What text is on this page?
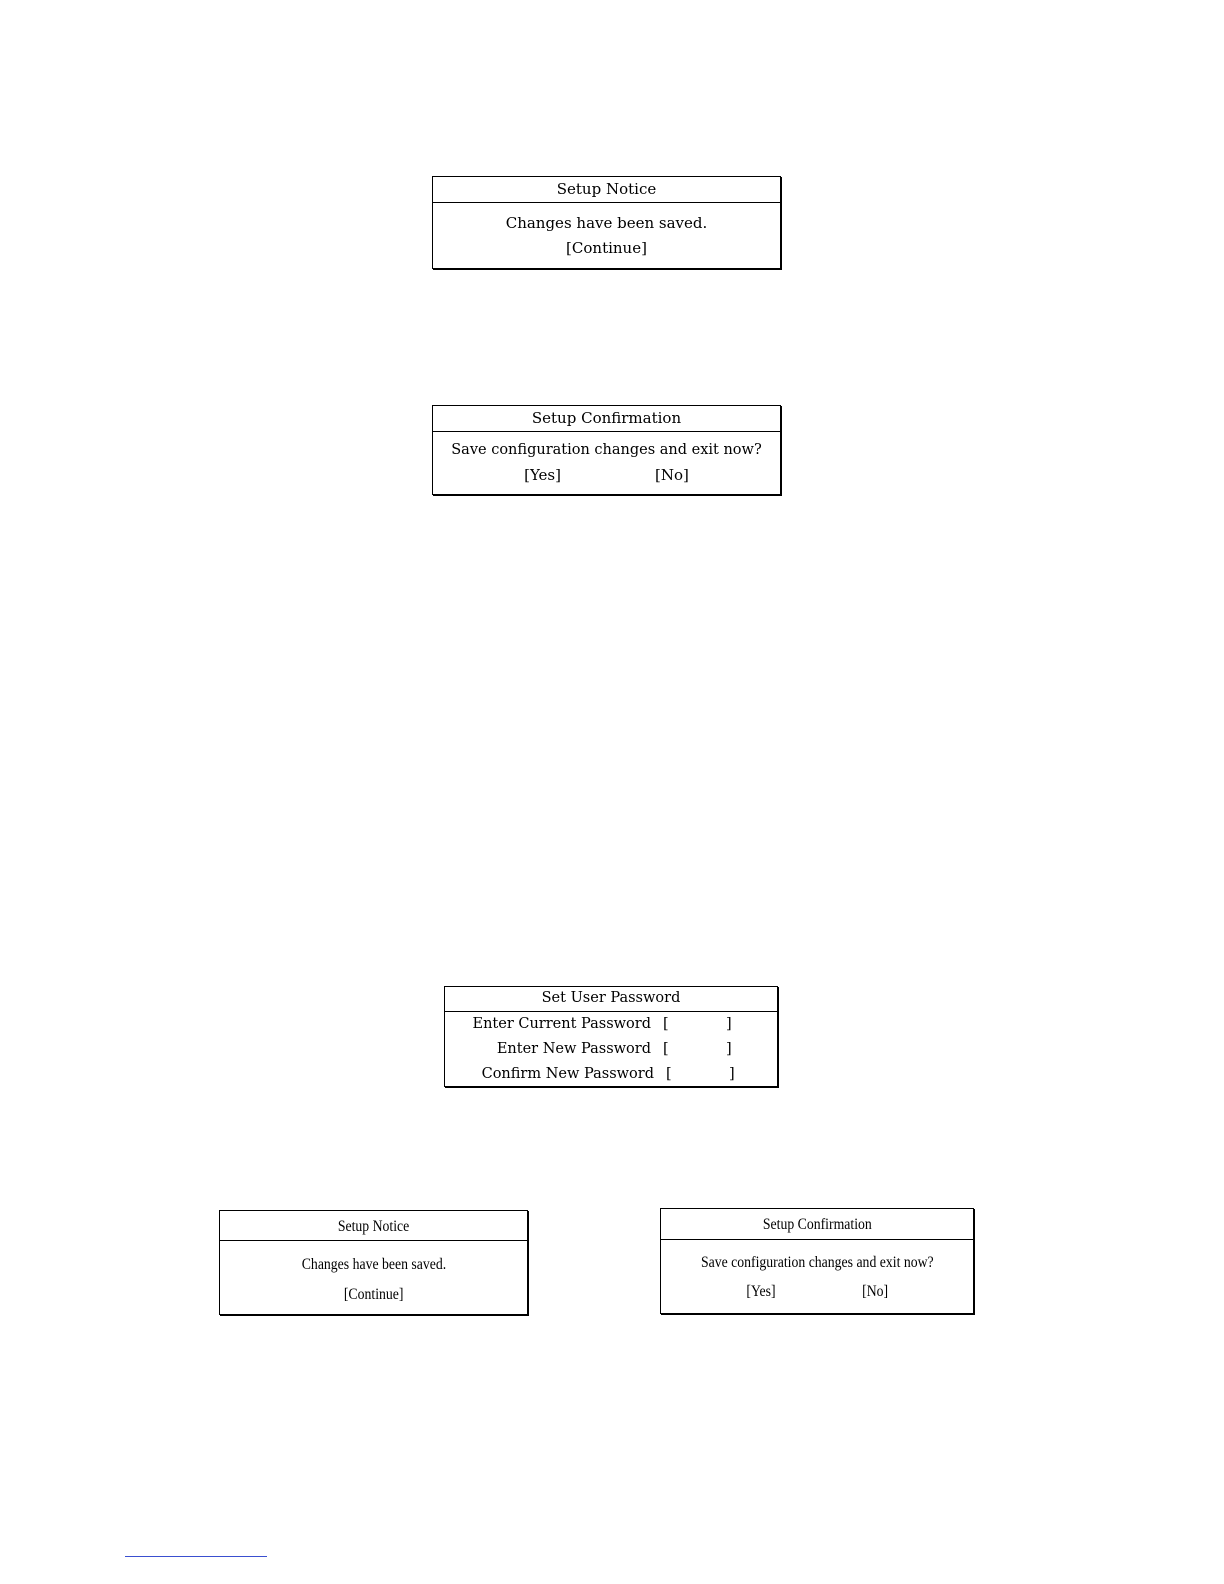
Setup Notice
Changes have been saved.
[Continue]
Setup Confirmation
Save configuration changes and exit now?
[Yes]	[No]
Set User Password
Enter Current Password [	]
Enter New Password [	]
Confirm New Password [	]
Setup Notice
Changes have been saved.
[Continue]
Setup Confirmation
Save configuration changes and exit now?
[Yes]	[No]
